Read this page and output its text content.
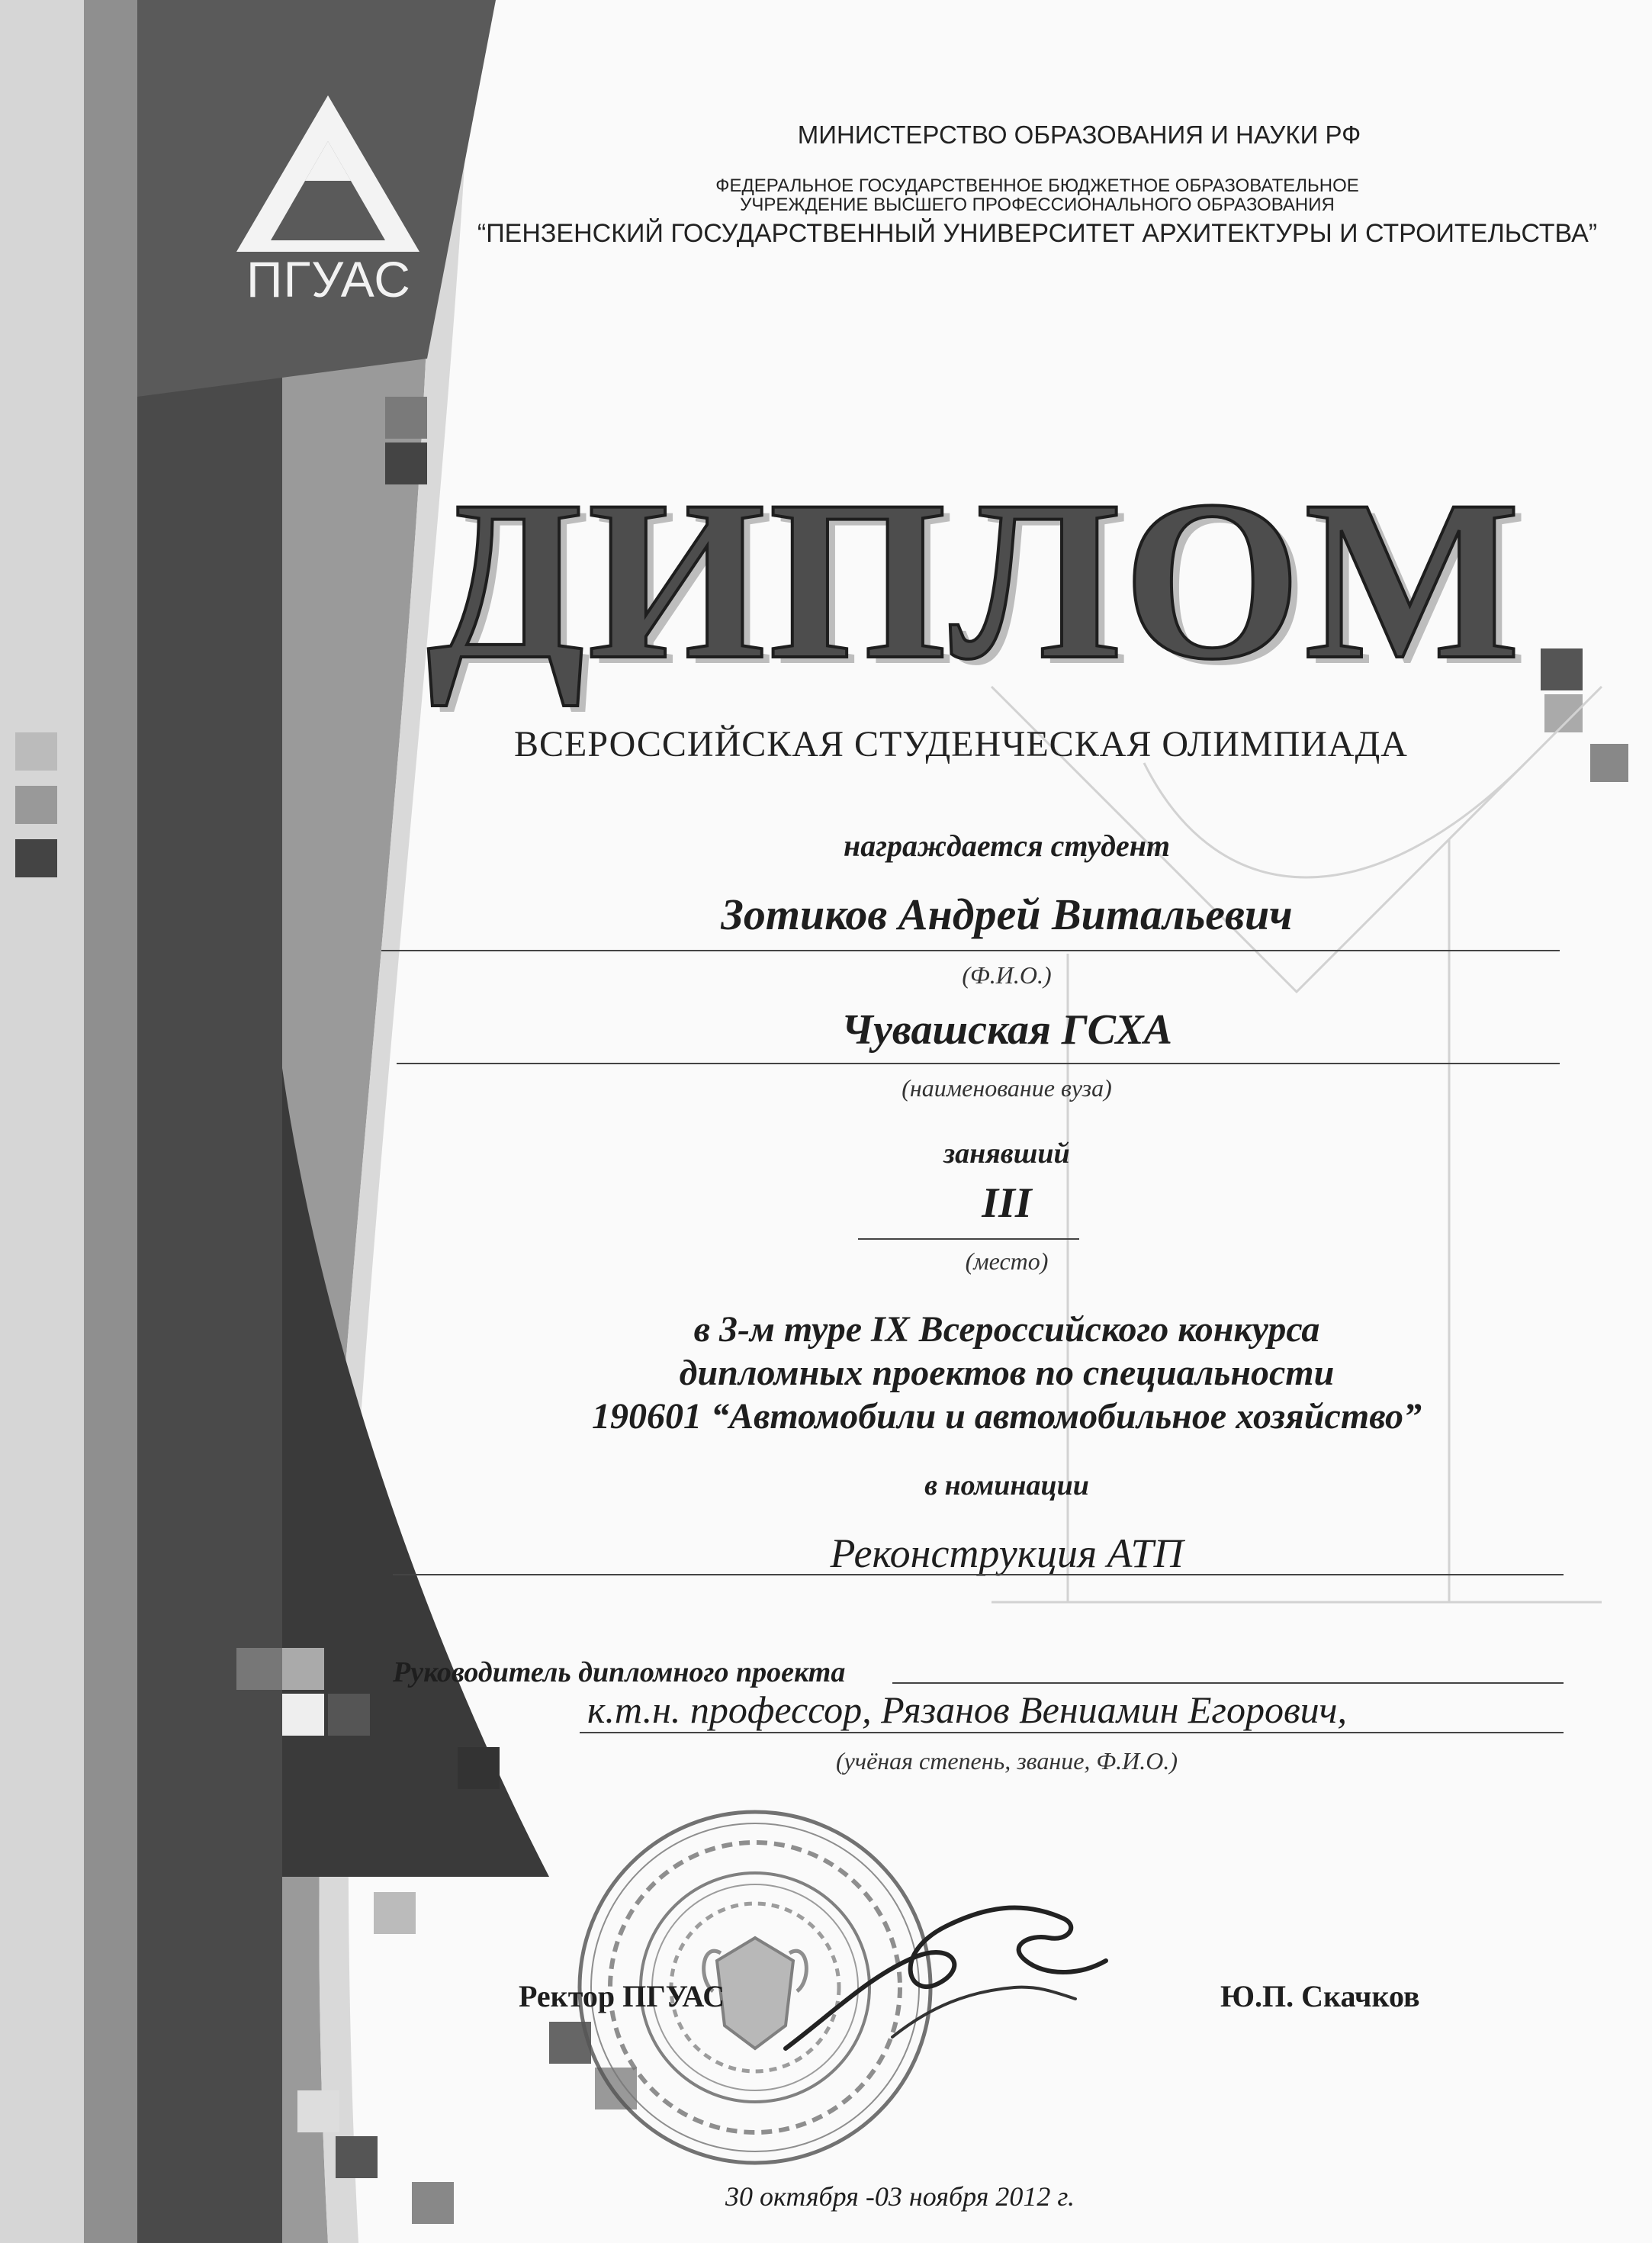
ПГУАС
МИНИСТЕРСТВО ОБРАЗОВАНИЯ И НАУКИ РФ
ФЕДЕРАЛЬНОЕ ГОСУДАРСТВЕННОЕ БЮДЖЕТНОЕ ОБРАЗОВАТЕЛЬНОЕ
УЧРЕЖДЕНИЕ ВЫСШЕГО ПРОФЕССИОНАЛЬНОГО ОБРАЗОВАНИЯ
“ПЕНЗЕНСКИЙ ГОСУДАРСТВЕННЫЙ УНИВЕРСИТЕТ АРХИТЕКТУРЫ И СТРОИТЕЛЬСТВА”
ДИПЛОМ
ВСЕРОССИЙСКАЯ СТУДЕНЧЕСКАЯ ОЛИМПИАДА
награждается студент
Зотиков Андрей Витальевич
(Ф.И.О.)
Чувашская ГСХА
(наименование вуза)
занявший
III
(место)
в 3-м туре IX Всероссийского конкурса
дипломных проектов по специальности
190601 “Автомобили и автомобильное хозяйство”
в номинации
Реконструкция АТП
Руководитель дипломного проекта
к.т.н. профессор, Рязанов Вениамин Егорович,
(учёная степень, звание, Ф.И.О.)
Ректор ПГУАС	Ю.П. Скачков
30 октября -03 ноября 2012 г.
